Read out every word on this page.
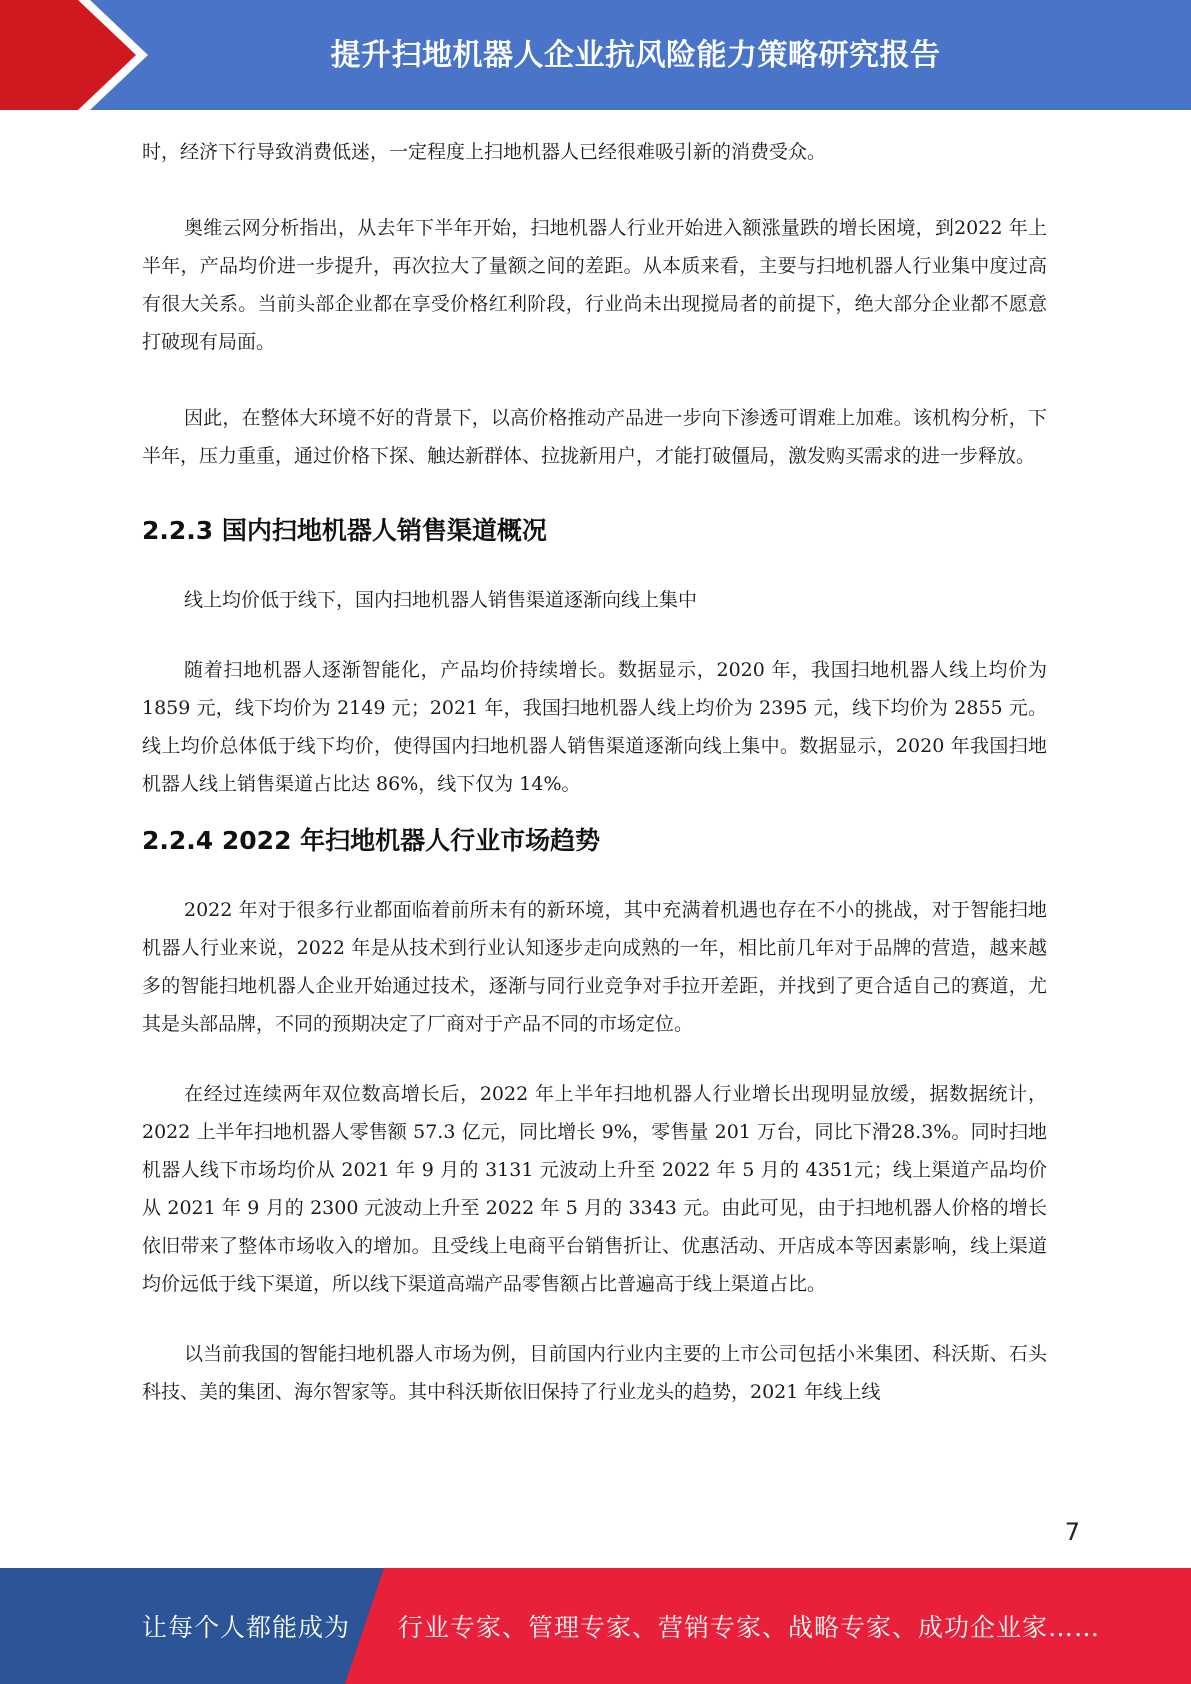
提升扫地机器人企业抗风险能力策略研究报告

时，经济下行导致消费低迷，一定程度上扫地机器人已经很难吸引新的消费受众。

奥维云网分析指出，从去年下半年开始，扫地机器人行业开始进入额涨量跌的增长困境，到2022 年上半年，产品均价进一步提升，再次拉大了量额之间的差距。从本质来看，主要与扫地机器人行业集中度过高有很大关系。当前头部企业都在享受价格红利阶段，行业尚未出现搅局者的前提下，绝大部分企业都不愿意打破现有局面。

因此，在整体大环境不好的背景下，以高价格推动产品进一步向下渗透可谓难上加难。该机构分析，下半年，压力重重，通过价格下探、触达新群体、拉拢新用户，才能打破僵局，激发购买需求的进一步释放。

2.2.3 国内扫地机器人销售渠道概况

线上均价低于线下，国内扫地机器人销售渠道逐渐向线上集中

随着扫地机器人逐渐智能化，产品均价持续增长。数据显示，2020 年，我国扫地机器人线上均价为 1859 元，线下均价为 2149 元；2021 年，我国扫地机器人线上均价为 2395 元，线下均价为 2855 元。线上均价总体低于线下均价，使得国内扫地机器人销售渠道逐渐向线上集中。数据显示，2020 年我国扫地机器人线上销售渠道占比达 86%，线下仅为 14%。

2.2.4 2022 年扫地机器人行业市场趋势

2022 年对于很多行业都面临着前所未有的新环境，其中充满着机遇也存在不小的挑战，对于智能扫地机器人行业来说，2022 年是从技术到行业认知逐步走向成熟的一年，相比前几年对于品牌的营造，越来越多的智能扫地机器人企业开始通过技术，逐渐与同行业竞争对手拉开差距，并找到了更合适自己的赛道，尤其是头部品牌，不同的预期决定了厂商对于产品不同的市场定位。

在经过连续两年双位数高增长后，2022 年上半年扫地机器人行业增长出现明显放缓，据数据统计，2022 上半年扫地机器人零售额 57.3 亿元，同比增长 9%，零售量 201 万台，同比下滑28.3%。同时扫地机器人线下市场均价从 2021 年 9 月的 3131 元波动上升至 2022 年 5 月的 4351元；线上渠道产品均价从 2021 年 9 月的 2300 元波动上升至 2022 年 5 月的 3343 元。由此可见，由于扫地机器人价格的增长依旧带来了整体市场收入的增加。且受线上电商平台销售折让、优惠活动、开店成本等因素影响，线上渠道均价远低于线下渠道，所以线下渠道高端产品零售额占比普遍高于线上渠道占比。

以当前我国的智能扫地机器人市场为例，目前国内行业内主要的上市公司包括小米集团、科沃斯、石头科技、美的集团、海尔智家等。其中科沃斯依旧保持了行业龙头的趋势，2021 年线上线

7
让每个人都能成为 行业专家、管理专家、营销专家、战略专家、成功企业家……
